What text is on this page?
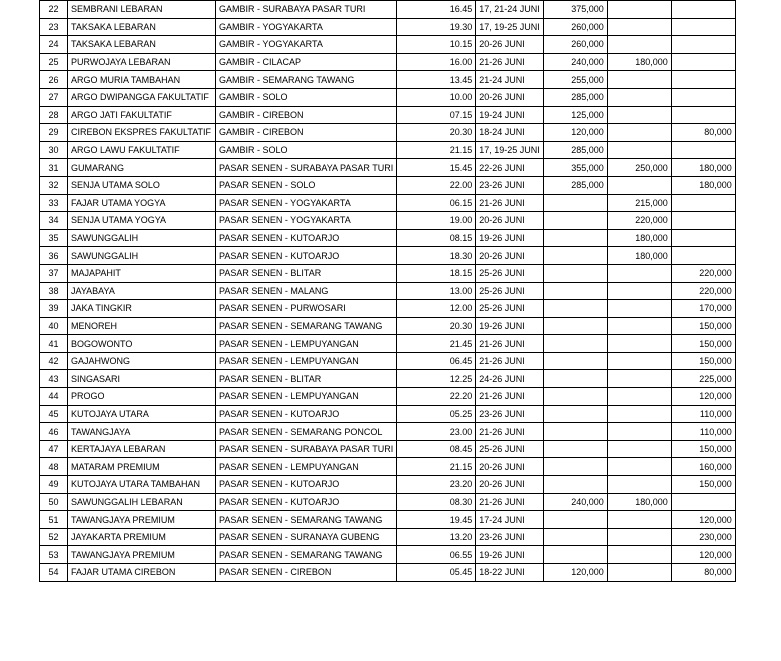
22	SEMBRANI LEBARAN	GAMBIR - SURABAYA PASAR TURI	16.45	17, 21-24 JUNI	375,000		
23	TAKSAKA LEBARAN	GAMBIR - YOGYAKARTA	19.30	17, 19-25 JUNI	260,000		
24	TAKSAKA LEBARAN	GAMBIR - YOGYAKARTA	10.15	20-26 JUNI	260,000		
25	PURWOJAYA LEBARAN	GAMBIR - CILACAP	16.00	21-26 JUNI	240,000	180,000	
26	ARGO MURIA TAMBAHAN	GAMBIR - SEMARANG TAWANG	13.45	21-24 JUNI	255,000		
27	ARGO DWIPANGGA FAKULTATIF	GAMBIR - SOLO	10.00	20-26 JUNI	285,000		
28	ARGO JATI FAKULTATIF	GAMBIR - CIREBON	07.15	19-24 JUNI	125,000		
29	CIREBON EKSPRES FAKULTATIF	GAMBIR - CIREBON	20.30	18-24 JUNI	120,000		80,000
30	ARGO LAWU FAKULTATIF	GAMBIR - SOLO	21.15	17, 19-25 JUNI	285,000		
31	GUMARANG	PASAR SENEN - SURABAYA PASAR TURI	15.45	22-26 JUNI	355,000	250,000	180,000
32	SENJA UTAMA SOLO	PASAR SENEN - SOLO	22.00	23-26 JUNI	285,000		180,000
33	FAJAR UTAMA YOGYA	PASAR SENEN - YOGYAKARTA	06.15	21-26 JUNI		215,000	
34	SENJA UTAMA YOGYA	PASAR SENEN - YOGYAKARTA	19.00	20-26 JUNI		220,000	
35	SAWUNGGALIH	PASAR SENEN - KUTOARJO	08.15	19-26 JUNI		180,000	
36	SAWUNGGALIH	PASAR SENEN - KUTOARJO	18.30	20-26 JUNI		180,000	
37	MAJAPAHIT	PASAR SENEN - BLITAR	18.15	25-26 JUNI			220,000
38	JAYABAYA	PASAR SENEN - MALANG	13.00	25-26 JUNI			220,000
39	JAKA TINGKIR	PASAR SENEN - PURWOSARI	12.00	25-26 JUNI			170,000
40	MENOREH	PASAR SENEN - SEMARANG TAWANG	20.30	19-26 JUNI			150,000
41	BOGOWONTO	PASAR SENEN - LEMPUYANGAN	21.45	21-26 JUNI			150,000
42	GAJAHWONG	PASAR SENEN - LEMPUYANGAN	06.45	21-26 JUNI			150,000
43	SINGASARI	PASAR SENEN - BLITAR	12.25	24-26 JUNI			225,000
44	PROGO	PASAR SENEN - LEMPUYANGAN	22.20	21-26 JUNI			120,000
45	KUTOJAYA UTARA	PASAR SENEN - KUTOARJO	05.25	23-26 JUNI			110,000
46	TAWANGJAYA	PASAR SENEN - SEMARANG PONCOL	23.00	21-26 JUNI			110,000
47	KERTAJAYA LEBARAN	PASAR SENEN - SURABAYA PASAR TURI	08.45	25-26 JUNI			150,000
48	MATARAM PREMIUM	PASAR SENEN - LEMPUYANGAN	21.15	20-26 JUNI			160,000
49	KUTOJAYA UTARA TAMBAHAN	PASAR SENEN - KUTOARJO	23.20	20-26 JUNI			150,000
50	SAWUNGGALIH LEBARAN	PASAR SENEN - KUTOARJO	08.30	21-26 JUNI	240,000	180,000	
51	TAWANGJAYA PREMIUM	PASAR SENEN - SEMARANG TAWANG	19.45	17-24 JUNI			120,000
52	JAYAKARTA PREMIUM	PASAR SENEN - SURANAYA GUBENG	13.20	23-26 JUNI			230,000
53	TAWANGJAYA PREMIUM	PASAR SENEN - SEMARANG TAWANG	06.55	19-26 JUNI			120,000
54	FAJAR UTAMA CIREBON	PASAR SENEN - CIREBON	05.45	18-22 JUNI	120,000		80,000
